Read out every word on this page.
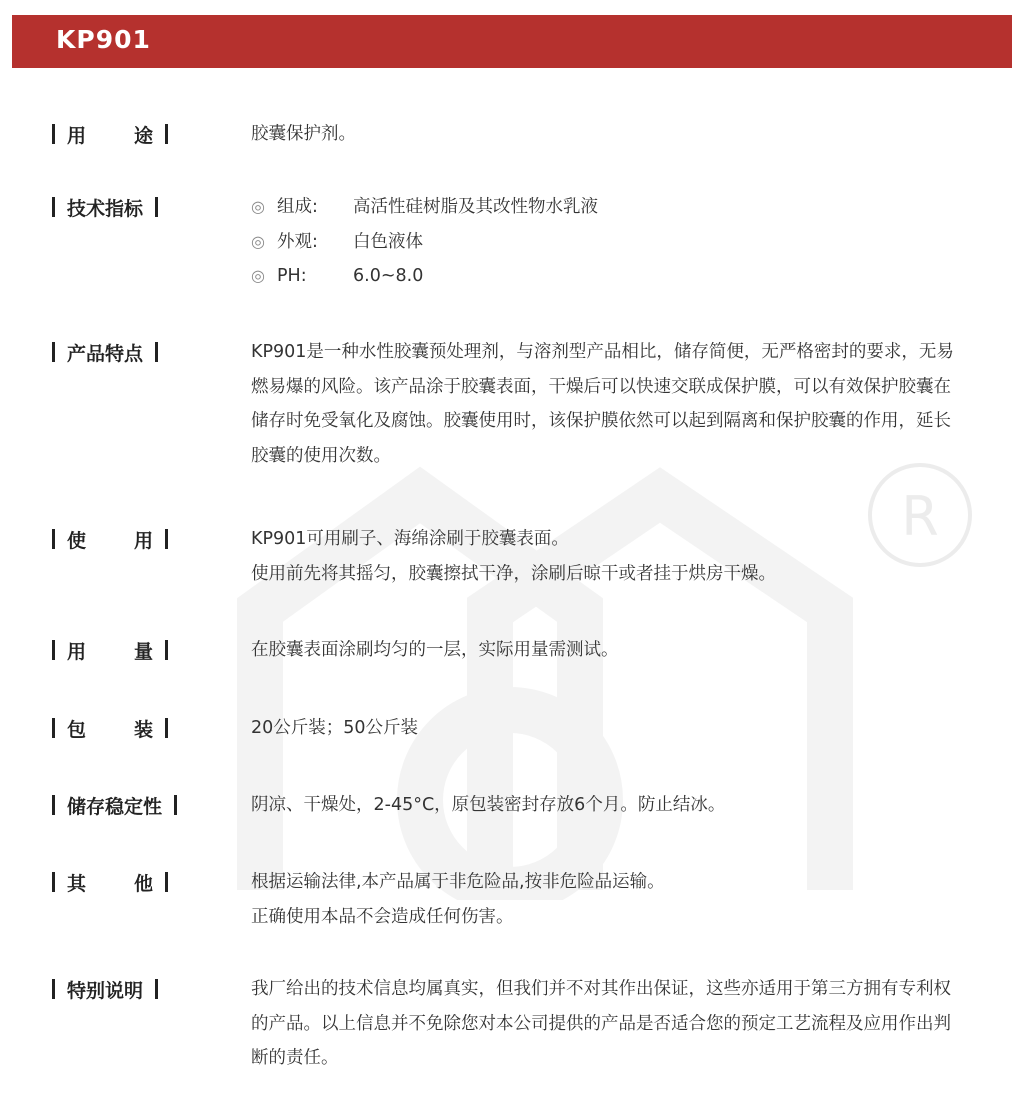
KP901
R
用	途	胶囊保护剂。
技术指标	◎ 组成:	高活性硅树脂及其改性物水乳液
◎ 外观:	白色液体
◎ PH:	6.0~8.0
产品特点	KP901是一种水性胶囊预处理剂，与溶剂型产品相比，储存简便，无严格密封的要求，无易燃易爆的风险。该产品涂于胶囊表面，干燥后可以快速交联成保护膜，可以有效保护胶囊在储存时免受氧化及腐蚀。胶囊使用时，该保护膜依然可以起到隔离和保护胶囊的作用，延长胶囊的使用次数。
使	用	KP901可用刷子、海绵涂刷于胶囊表面。
使用前先将其摇匀，胶囊擦拭干净，涂刷后晾干或者挂于烘房干燥。
用	量	在胶囊表面涂刷均匀的一层，实际用量需测试。
包	装	20公斤装；50公斤装
储存稳定性	阴凉、干燥处，2-45°C，原包装密封存放6个月。防止结冰。
其	他	根据运输法律,本产品属于非危险品,按非危险品运输。
正确使用本品不会造成任何伤害。
特别说明	我厂给出的技术信息均属真实，但我们并不对其作出保证，这些亦适用于第三方拥有专利权的产品。以上信息并不免除您对本公司提供的产品是否适合您的预定工艺流程及应用作出判断的责任。
